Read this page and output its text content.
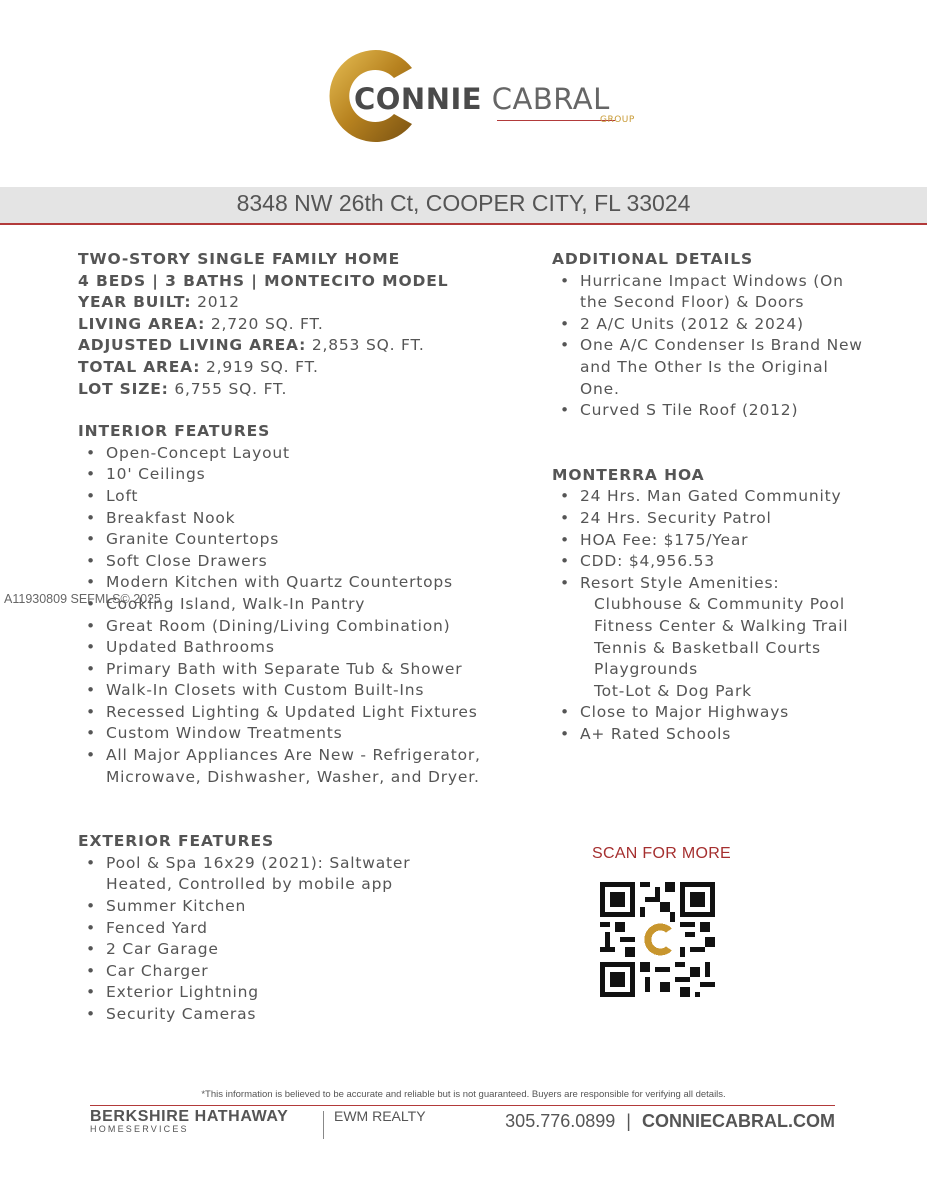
CONNIE CABRAL
GROUP
8348 NW 26th Ct, COOPER CITY, FL 33024
A11930809 SEFMLS© 2025
TWO-STORY SINGLE FAMILY HOME
4 BEDS | 3 BATHS | MONTECITO MODEL
YEAR BUILT: 2012
LIVING AREA: 2,720 SQ. FT.
ADJUSTED LIVING AREA: 2,853 SQ. FT.
TOTAL AREA: 2,919 SQ. FT.
LOT SIZE: 6,755 SQ. FT.
INTERIOR FEATURES
• Open-Concept Layout
• 10' Ceilings
• Loft
• Breakfast Nook
• Granite Countertops
• Soft Close Drawers
• Modern Kitchen with Quartz Countertops
• Cooking Island, Walk-In Pantry
• Great Room (Dining/Living Combination)
• Updated Bathrooms
• Primary Bath with Separate Tub & Shower
• Walk-In Closets with Custom Built-Ins
• Recessed Lighting & Updated Light Fixtures
• Custom Window Treatments
• All Major Appliances Are New - Refrigerator, Microwave, Dishwasher, Washer, and Dryer.
EXTERIOR FEATURES
• Pool & Spa 16x29 (2021): Saltwater Heated, Controlled by mobile app
• Summer Kitchen
• Fenced Yard
• 2 Car Garage
• Car Charger
• Exterior Lightning
• Security Cameras
ADDITIONAL DETAILS
• Hurricane Impact Windows (On the Second Floor) & Doors
• 2 A/C Units (2012 & 2024)
• One A/C Condenser Is Brand New and The Other Is the Original One.
• Curved S Tile Roof (2012)
MONTERRA HOA
• 24 Hrs. Man Gated Community
• 24 Hrs. Security Patrol
• HOA Fee: $175/Year
• CDD: $4,956.53
• Resort Style Amenities:
Clubhouse & Community Pool
Fitness Center & Walking Trail
Tennis & Basketball Courts
Playgrounds
Tot-Lot & Dog Park
• Close to Major Highways
• A+ Rated Schools
SCAN FOR MORE
*This information is believed to be accurate and reliable but is not guaranteed. Buyers are responsible for verifying all details.
BERKSHIRE HATHAWAY
HOMESERVICES
EWM REALTY	305.776.0899 | CONNIECABRAL.COM
